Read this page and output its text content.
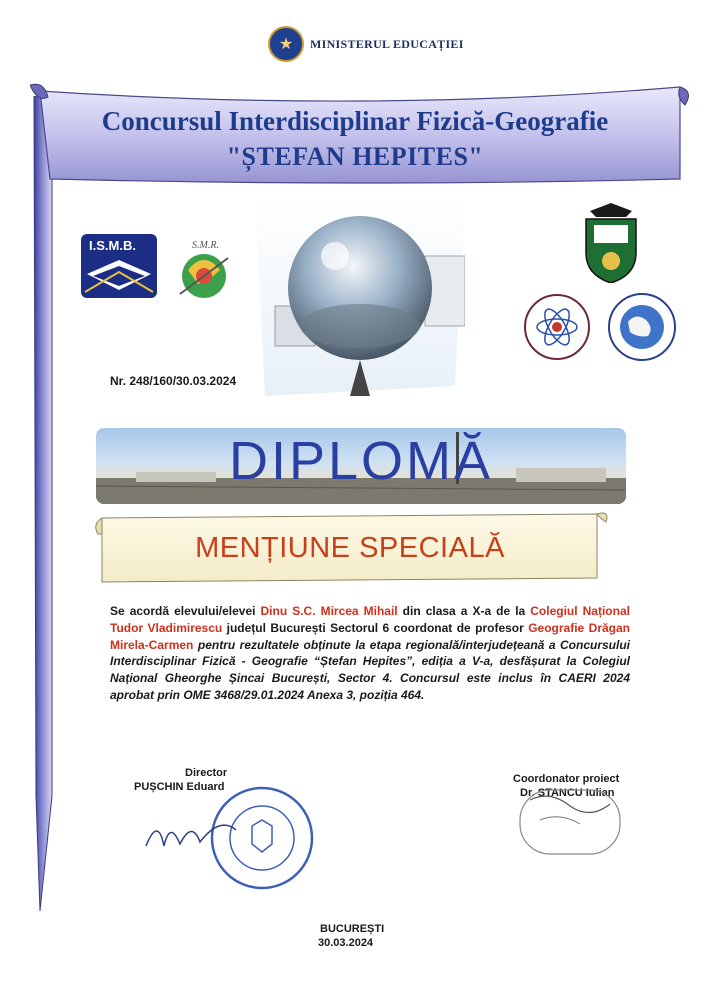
★	MINISTERUL EDUCAȚIEI
Concursul Interdisciplinar Fizică-Geografie
"ȘTEFAN HEPITES"
I.S.M.B.	S.M.R.
Nr. 248/160/30.03.2024
DIPLOMĂ
MENȚIUNE SPECIALĂ
Se acordă elevului/elevei Dinu S.C. Mircea Mihail din clasa a X-a de la Colegiul Național Tudor Vladimirescu județul București Sectorul 6 coordonat de profesor Geografie Drăgan Mirela-Carmen pentru rezultatele obținute la etapa regională/interjudețeană a Concursului Interdisciplinar Fizică - Geografie “Ștefan Hepites”, ediția a V-a, desfășurat la Colegiul Național Gheorghe Șincai București, Sector 4. Concursul este inclus în CAERI 2024 aprobat prin OME 3468/29.01.2024 Anexa 3, poziția 464.
Director
PUȘCHIN Eduard
Coordonator proiect
Dr. STANCU Iulian
BUCUREȘTI
30.03.2024
